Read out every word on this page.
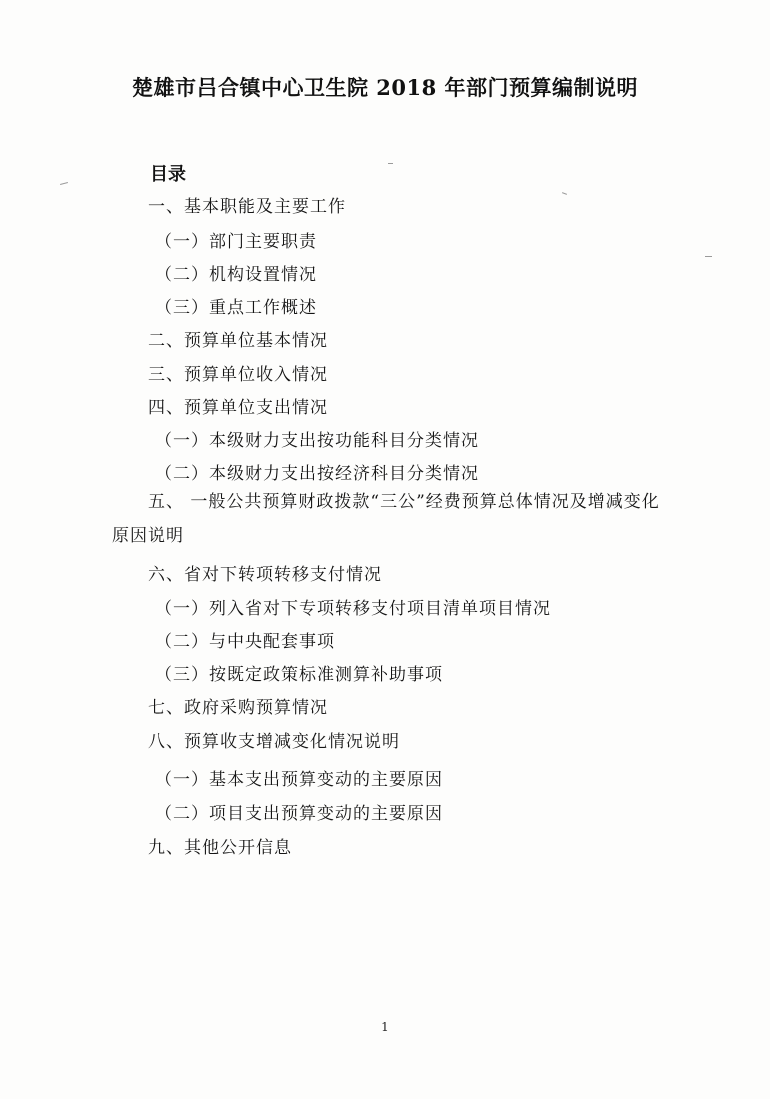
楚雄市吕合镇中心卫生院 2018 年部门预算编制说明
目录
一、基本职能及主要工作
（一）部门主要职责
（二）机构设置情况
（三）重点工作概述
二、预算单位基本情况
三、预算单位收入情况
四、预算单位支出情况
（一）本级财力支出按功能科目分类情况
（二）本级财力支出按经济科目分类情况
五、 一般公共预算财政拨款“三公”经费预算总体情况及增减变化原因说明
六、省对下转项转移支付情况
（一）列入省对下专项转移支付项目清单项目情况
（二）与中央配套事项
（三）按既定政策标准测算补助事项
七、政府采购预算情况
八、预算收支增减变化情况说明
（一）基本支出预算变动的主要原因
（二）项目支出预算变动的主要原因
九、其他公开信息
1
